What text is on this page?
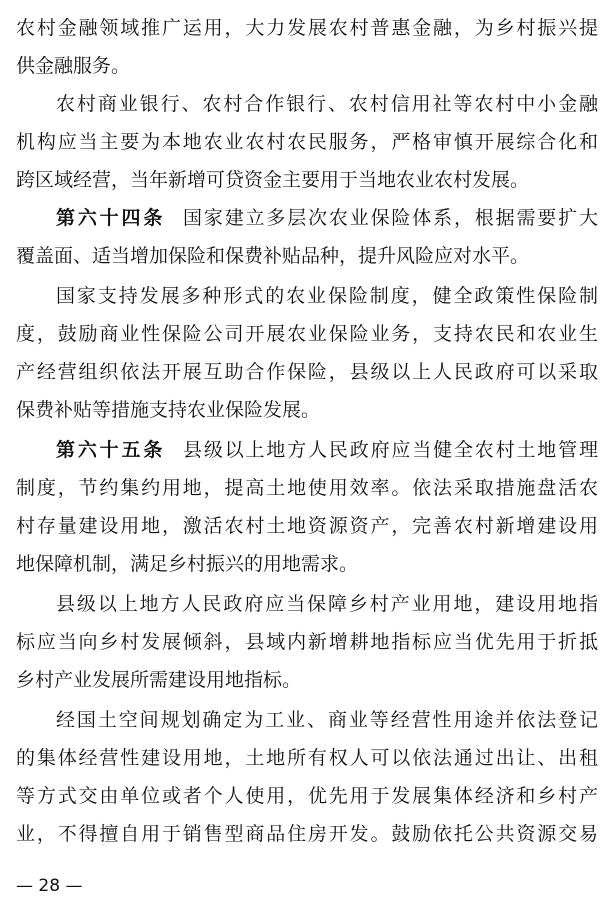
农村金融领域推广运用，大力发展农村普惠金融，为乡村振兴提
供金融服务。
农村商业银行、农村合作银行、农村信用社等农村中小金融
机构应当主要为本地农业农村农民服务，严格审慎开展综合化和
跨区域经营，当年新增可贷资金主要用于当地农业农村发展。
第六十四条 国家建立多层次农业保险体系，根据需要扩大
覆盖面、适当增加保险和保费补贴品种，提升风险应对水平。
国家支持发展多种形式的农业保险制度，健全政策性保险制
度，鼓励商业性保险公司开展农业保险业务，支持农民和农业生
产经营组织依法开展互助合作保险，县级以上人民政府可以采取
保费补贴等措施支持农业保险发展。
第六十五条 县级以上地方人民政府应当健全农村土地管理
制度，节约集约用地，提高土地使用效率。依法采取措施盘活农
村存量建设用地，激活农村土地资源资产，完善农村新增建设用
地保障机制，满足乡村振兴的用地需求。
县级以上地方人民政府应当保障乡村产业用地，建设用地指
标应当向乡村发展倾斜，县域内新增耕地指标应当优先用于折抵
乡村产业发展所需建设用地指标。
经国土空间规划确定为工业、商业等经营性用途并依法登记
的集体经营性建设用地，土地所有权人可以依法通过出让、出租
等方式交由单位或者个人使用，优先用于发展集体经济和乡村产
业，不得擅自用于销售型商品住房开发。鼓励依托公共资源交易
— 28 —
